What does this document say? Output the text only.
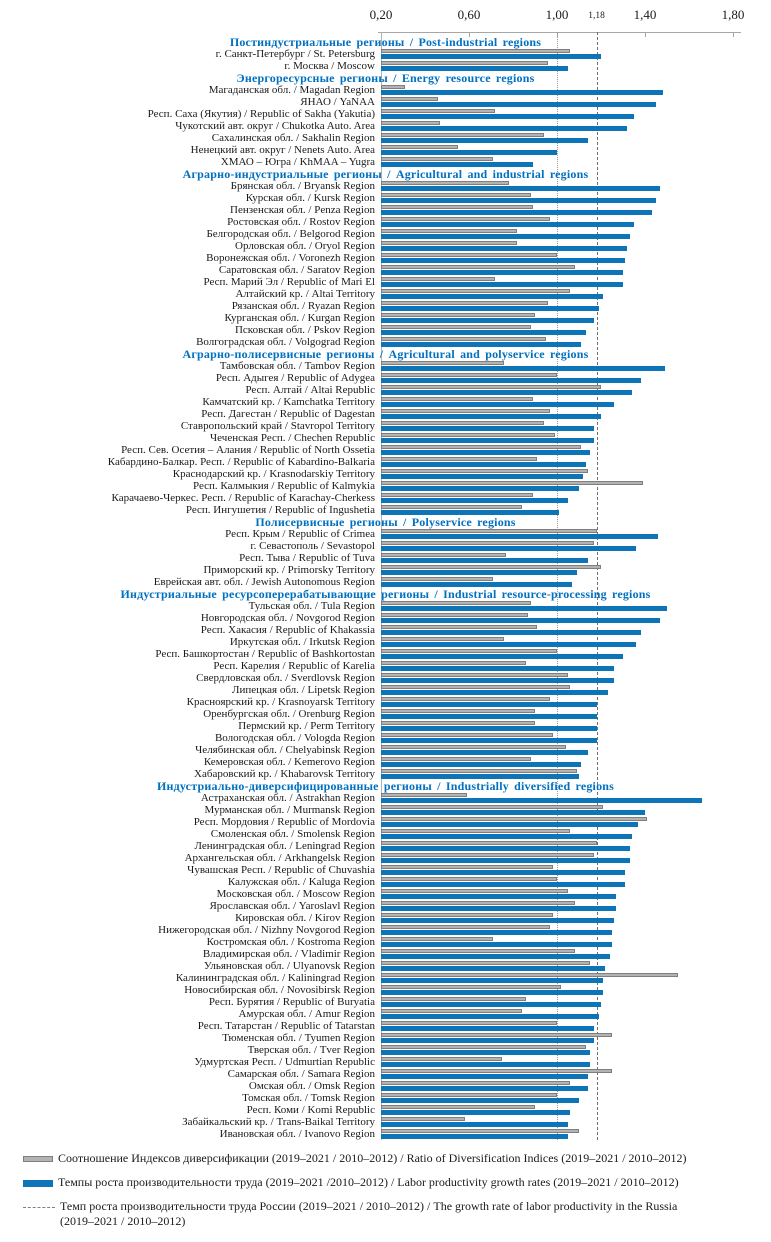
0,20	0,60	1,00 1,18 1,40	1,80
Постиндустриальные регионы / Post-industrial regions
г. Санкт-Петербург / St. Petersburg
г. Москва / Moscow
Энергоресурсные регионы / Energy resource regions
Магаданская обл. / Magadan Region
ЯНАО / YaNAA
Респ. Саха (Якутия) / Republic of Sakha (Yakutia)
Чукотский авт. округ / Chukotka Auto. Area
Сахалинская обл. / Sakhalin Region
Ненецкий авт. округ / Nenets Auto. Area
ХМАО – Югра / KhMAA – Yugra
Аграрно-индустриальные регионы / Agricultural and industrial regions
Брянская обл. / Bryansk Region
Курская обл. / Kursk Region
Пензенская обл. / Penza Region
Ростовская обл. / Rostov Region
Белгородская обл. / Belgorod Region
Орловская обл. / Oryol Region
Воронежская обл. / Voronezh Region
Саратовская обл. / Saratov Region
Респ. Марий Эл / Republic of Mari El
Алтайский кр. / Altai Territory
Рязанская обл. / Ryazan Region
Курганская обл. / Kurgan Region
Псковская обл. / Pskov Region
Волгоградская обл. / Volgograd Region
Аграрно-полисервисные регионы / Agricultural and polyservice regions
Тамбовская обл. / Tambov Region
Респ. Адыгея / Republic of Adygea
Респ. Алтай / Altai Republic
Камчатский кр. / Kamchatka Territory
Респ. Дагестан / Republic of Dagestan
Ставропольский край / Stavropol Territory
Чеченская Респ. / Chechen Republic
Респ. Сев. Осетия – Алания / Republic of North Ossetia
Кабардино-Балкар. Респ. / Republic of Kabardino-Balkaria
Краснодарский кр. / Krasnodarskiy Territory
Респ. Калмыкия / Republic of Kalmykia
Карачаево-Черкес. Респ. / Republic of Karachay-Cherkess
Респ. Ингушетия / Republic of Ingushetia
Полисервисные регионы / Polyservice regions
Респ. Крым / Republic of Crimea
г. Севастополь / Sevastopol
Респ. Тыва / Republic of Tuva
Приморский кр. / Primorsky Territory
Еврейская авт. обл. / Jewish Autonomous Region
Индустриальные ресурсоперерабатывающие регионы / Industrial resource-processing regions
Тульская обл. / Tula Region
Новгородская обл. / Novgorod Region
Респ. Хакасия / Republic of Khakassia
Иркутская обл. / Irkutsk Region
Респ. Башкортостан / Republic of Bashkortostan
Респ. Карелия / Republic of Karelia
Свердловская обл. / Sverdlovsk Region
Липецкая обл. / Lipetsk Region
Красноярский кр. / Krasnoyarsk Territory
Оренбургская обл. / Orenburg Region
Пермский кр. / Perm Territory
Вологодская обл. / Vologda Region
Челябинская обл. / Chelyabinsk Region
Кемеровская обл. / Kemerovo Region
Хабаровский кр. / Khabarovsk Territory
Индустриально-диверсифицированные регионы / Industrially diversified regions
Астраханская обл. / Astrakhan Region
Мурманская обл. / Murmansk Region
Респ. Мордовия / Republic of Mordovia
Смоленская обл. / Smolensk Region
Ленинградская обл. / Leningrad Region
Архангельская обл. / Arkhangelsk Region
Чувашская Респ. / Republic of Chuvashia
Калужская обл. / Kaluga Region
Московская обл. / Moscow Region
Ярославская обл. / Yaroslavl Region
Кировская обл. / Kirov Region
Нижегородская обл. / Nizhny Novgorod Region
Костромская обл. / Kostroma Region
Владимирская обл. / Vladimir Region
Ульяновская обл. / Ulyanovsk Region
Калининградская обл. / Kaliningrad Region
Новосибирская обл. / Novosibirsk Region
Респ. Бурятия / Republic of Buryatia
Амурская обл. / Amur Region
Респ. Татарстан / Republic of Tatarstan
Тюменская обл. / Tyumen Region
Тверская обл. / Tver Region
Удмуртская Респ. / Udmurtian Republic
Самарская обл. / Samara Region
Омская обл. / Omsk Region
Томская обл. / Tomsk Region
Респ. Коми / Komi Republic
Забайкальский кр. / Trans-Baikal Territory
Ивановская обл. / Ivanovo Region
Соотношение Индексов диверсификации (2019–2021 / 2010–2012) / Ratio of Diversification Indices (2019–2021 / 2010–2012)
Темпы роста производительности труда (2019–2021 /2010–2012) / Labor productivity growth rates (2019–2021 / 2010–2012)
Темп роста производительности труда России (2019–2021 / 2010–2012) / The growth rate of labor productivity in the Russia
(2019–2021 / 2010–2012)
